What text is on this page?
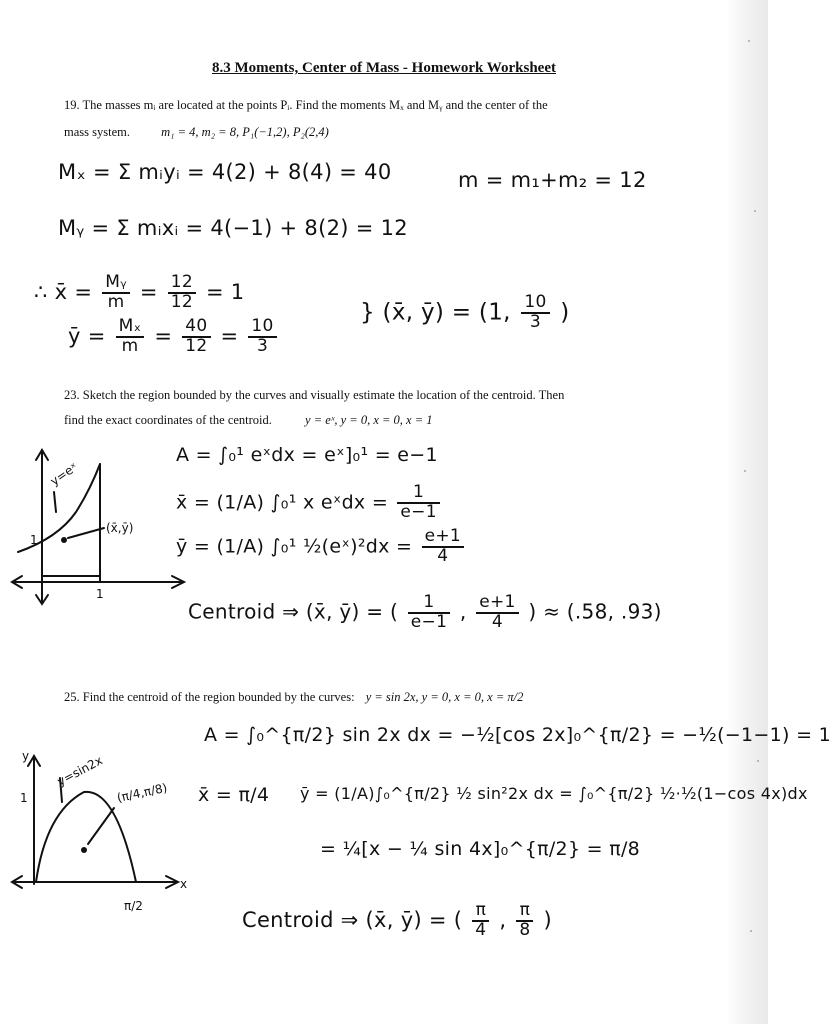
8.3 Moments, Center of Mass - Homework Worksheet
19. The masses mᵢ are located at the points Pᵢ. Find the moments Mₓ and Mᵧ and the center of the
mass system. m₁ = 4, m₂ = 8, P₁(−1,2), P₂(2,4)
Mₓ = Σ mᵢyᵢ = 4(2) + 8(4) = 40	m = m₁+m₂ = 12
Mᵧ = Σ mᵢxᵢ = 4(−1) + 8(2) = 12
∴ x̄ = $\frac{\text{Mᵧ}}{m} = \frac{12}{12} = 1$
ȳ = $\frac{\text{Mₓ}}{m} = \frac{40}{12} = \frac{10}{3}$
} (x̄, ȳ) = (1, $\frac{10}{3}$ )
23. Sketch the region bounded by the curves and visually estimate the location of the centroid. Then
find the exact coordinates of the centroid.	y = eˣ, y = 0, x = 0, x = 1
y=eˣ
(x̄,ȳ)
1
1
A = ∫₀¹ eˣdx = eˣ]₀¹ = e−1
x̄ = (1/A) ∫₀¹ x eˣdx = $\frac{1}{e-1}$
ȳ = (1/A) ∫₀¹ ½(eˣ)²dx = $\frac{e+1}{4}$
Centroid ⇒ (x̄, ȳ) = ( $\frac{1}{e-1}$ , $\frac{e+1}{4}$ ) ≈ (.58, .93)
25. Find the centroid of the region bounded by the curves: y = sin 2x, y = 0, x = 0, x = π/2
A = ∫₀^{π/2} sin 2x dx = −½[cos 2x]₀^{π/2} = −½(−1−1) = 1
y
x
y=sin2x
(π/4,π/8)
1
π/2
x̄ = π/4 ȳ = (1/A)∫₀^{π/2} ½ sin²2x dx = ∫₀^{π/2} ½·½(1−cos 4x)dx
= ¼[x − ¼ sin 4x]₀^{π/2} = π/8
Centroid ⇒ (x̄, ȳ) = ( $\frac{\pi}{4}$ , $\frac{\pi}{8}$ )
